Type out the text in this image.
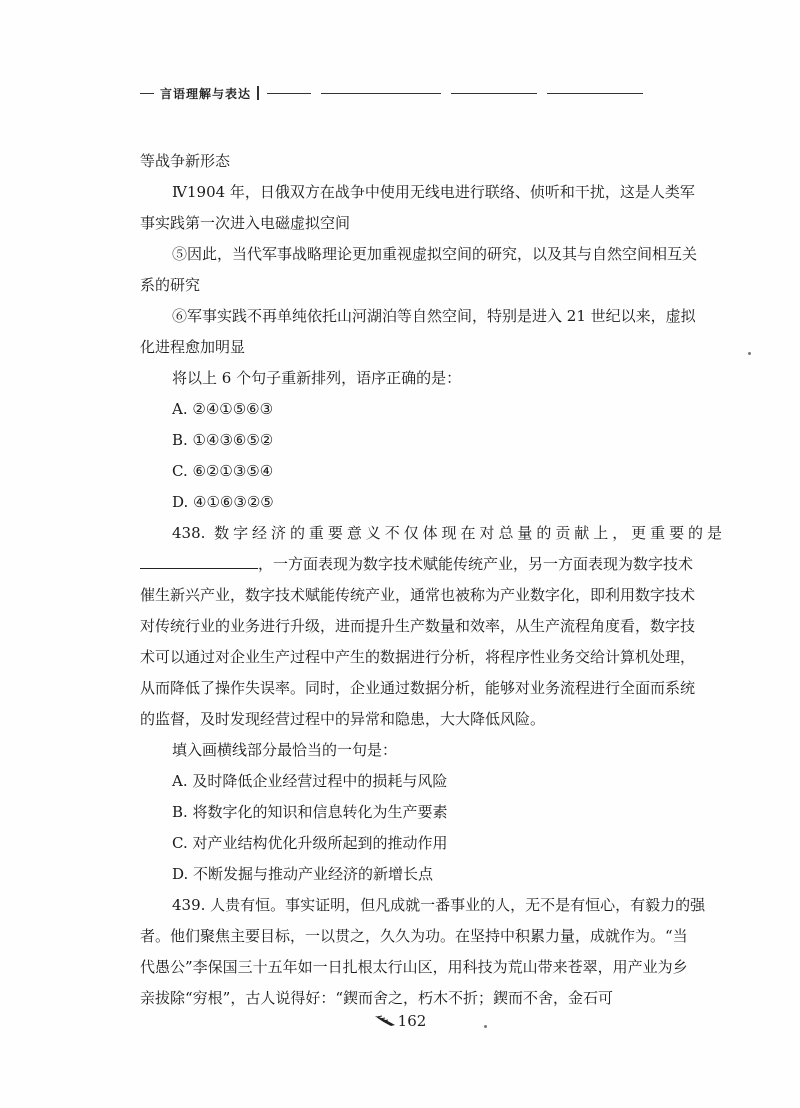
言语理解与表达
等战争新形态
Ⅳ1904 年，日俄双方在战争中使用无线电进行联络、侦听和干扰，这是人类军
事实践第一次进入电磁虚拟空间
⑤因此，当代军事战略理论更加重视虚拟空间的研究，以及其与自然空间相互关
系的研究
⑥军事实践不再单纯依托山河湖泊等自然空间，特别是进入 21 世纪以来，虚拟
化进程愈加明显
将以上 6 个句子重新排列，语序正确的是：
A. ②④①⑤⑥③
B. ①④③⑥⑤②
C. ⑥②①③⑤④
D. ④①⑥③②⑤
438. 数字经济的重要意义不仅体现在对总量的贡献上，更重要的是
，一方面表现为数字技术赋能传统产业，另一方面表现为数字技术
催生新兴产业，数字技术赋能传统产业，通常也被称为产业数字化，即利用数字技术
对传统行业的业务进行升级，进而提升生产数量和效率，从生产流程角度看，数字技
术可以通过对企业生产过程中产生的数据进行分析，将程序性业务交给计算机处理，
从而降低了操作失误率。同时，企业通过数据分析，能够对业务流程进行全面而系统
的监督，及时发现经营过程中的异常和隐患，大大降低风险。
填入画横线部分最恰当的一句是：
A. 及时降低企业经营过程中的损耗与风险
B. 将数字化的知识和信息转化为生产要素
C. 对产业结构优化升级所起到的推动作用
D. 不断发掘与推动产业经济的新增长点
439. 人贵有恒。事实证明，但凡成就一番事业的人，无不是有恒心，有毅力的强
者。他们聚焦主要目标，一以贯之，久久为功。在坚持中积累力量，成就作为。“当
代愚公”李保国三十五年如一日扎根太行山区，用科技为荒山带来苍翠，用产业为乡
亲拔除“穷根”，古人说得好：“鍥而舍之，朽木不折；鍥而不舍，金石可
162
